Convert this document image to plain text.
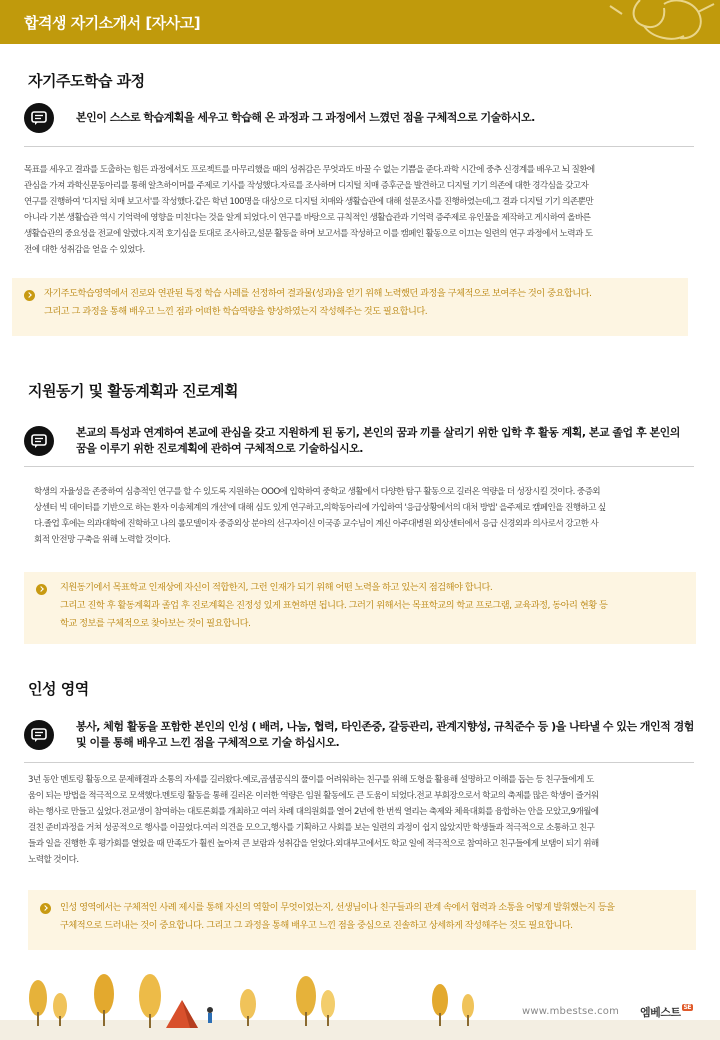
합격생 자기소개서 [자사고]
자기주도학습 과정
본인이 스스로 학습계획을 세우고 학습해 온 과정과 그 과정에서 느꼈던 점을 구체적으로 기술하시오.
목표를 세우고 결과를 도출하는 힘든 과정에서도 프로젝트를 마무리했을 때의 성취감은 무엇과도 바꿀 수 없는 기쁨을 준다.과학 시간에 중추 신경계를 배우고 뇌 질환에
관심을 가져 과학신문동아리를 통해 알츠하이머를 주제로 기사를 작성했다.자료를 조사하며 디지털 치매 증후군을 발견하고 디지털 기기 의존에 대한 경각심을 갖고자
연구를 진행하여 '디지털 치매 보고서'를 작성했다.같은 학년 100명을 대상으로 디지털 치매와 생활습관에 대해 설문조사를 진행하였는데,그 결과 디지털 기기 의존뿐만
아니라 기본 생활습관 역시 기억력에 영향을 미친다는 것을 알게 되었다.이 연구를 바탕으로 규칙적인 생활습관과 기억력 증주제로 유인물을 제작하고 게시하여 올바른
생활습관의 중요성을 전교에 알렸다.지적 호기심을 토대로 조사하고,설문 활동을 하며 보고서를 작성하고 이를 캠페인 활동으로 이끄는 일련의 연구 과정에서 노력과 도
전에 대한 성취감을 얻을 수 있었다.
자기주도학습영역에서 진로와 연관된 특정 학습 사례를 선정하여 결과물(성과)을 얻기 위해 노력했던 과정을 구체적으로 보여주는 것이 중요합니다.
그리고 그 과정을 통해 배우고 느낀 점과 어떠한 학습역량을 향상하였는지 작성해주는 것도 필요합니다.
지원동기 및 활동계획과 진로계획
본교의 특성과 연계하여 본교에 관심을 갖고 지원하게 된 동기, 본인의 꿈과 끼를 살리기 위한 입학 후 활동 계획, 본교 졸업 후 본인의
꿈을 이루기 위한 진로계획에 관하여 구체적으로 기술하십시오.
학생의 자율성을 존중하여 심층적인 연구를 할 수 있도록 지원하는 OOO에 입학하여 중학교 생활에서 다양한 탐구 활동으로 길러온 역량을 더 성장시킬 것이다. 중증외
상센터 빅 데이터를 기반으로 하는 환자 이송체계의 개선'에 대해 심도 있게 연구하고,의학동아리에 가입하여 '응급상황에서의 대처 방법' 을주제로 캠페인을 진행하고 싶
다.졸업 후에는 의과대학에 진학하고 나의 롤모델이자 중증외상 분야의 선구자이신 이국종 교수님이 계신 아주대병원 외상센터에서 응급 신경외과 의사로서 강고한 사
회적 안전망 구축을 위해 노력할 것이다.
지원동기에서 목표학교 인재상에 자신이 적합한지, 그런 인재가 되기 위해 어떤 노력을 하고 있는지 점검해야 합니다.
그리고 진학 후 활동계획과 졸업 후 진로계획은 진정성 있게 표현하면 됩니다. 그러기 위해서는 목표학교의 학교 프로그램, 교육과정, 동아리 현황 등
학교 정보를 구체적으로 찾아보는 것이 필요합니다.
인성 영역
봉사, 체험 활동을 포함한 본인의 인성 ( 배려, 나눔, 협력, 타인존중, 갈등관리, 관계지향성, 규칙준수 등 )을 나타낼 수 있는 개인적 경험
및 이를 통해 배우고 느낀 점을 구체적으로 기술 하십시오.
3년 동안 멘토링 활동으로 문제해결과 소통의 자세를 길러왔다.예로,곱셈공식의 풀이를 어려워하는 친구를 위해 도형을 활용해 설명하고 이해를 돕는 등 친구들에게 도
움이 되는 방법을 적극적으로 모색했다.멘토링 활동을 통해 길러온 이러한 역량은 임원 활동에도 큰 도움이 되었다.전교 부회장으로서 학교의 축제를 많은 학생이 즐거워
하는 행사로 만들고 싶었다.전교생이 참여하는 대토론회를 개최하고 여러 차례 대의원회를 열어 2년에 한 번씩 열리는 축제와 체육대회를 융합하는 안을 모았고,9개월에
걸친 준비과정을 거쳐 성공적으로 행사를 이끌었다.여러 의견을 모으고,행사를 기획하고 사회를 보는 일련의 과정이 쉽지 않았지만 학생들과 적극적으로 소통하고 친구
들과 일을 진행한 후 평가회를 열었을 때 만족도가 훨씬 높아져 큰 보람과 성취감을 얻었다.외대부고에서도 학교 일에 적극적으로 참여하고 친구들에게 보탬이 되기 위해
노력할 것이다.
인성 영역에서는 구체적인 사례 제시를 통해 자신의 역할이 무엇이었는지, 선생님이나 친구들과의 관계 속에서 협력과 소통을 어떻게 발휘했는지 등을
구체적으로 드러내는 것이 중요합니다. 그리고 그 과정을 통해 배우고 느낀 점을 중심으로 진솔하고 상세하게 작성해주는 것도 필요합니다.
www.mbestse.com 엠베스트 $^{SE}$
